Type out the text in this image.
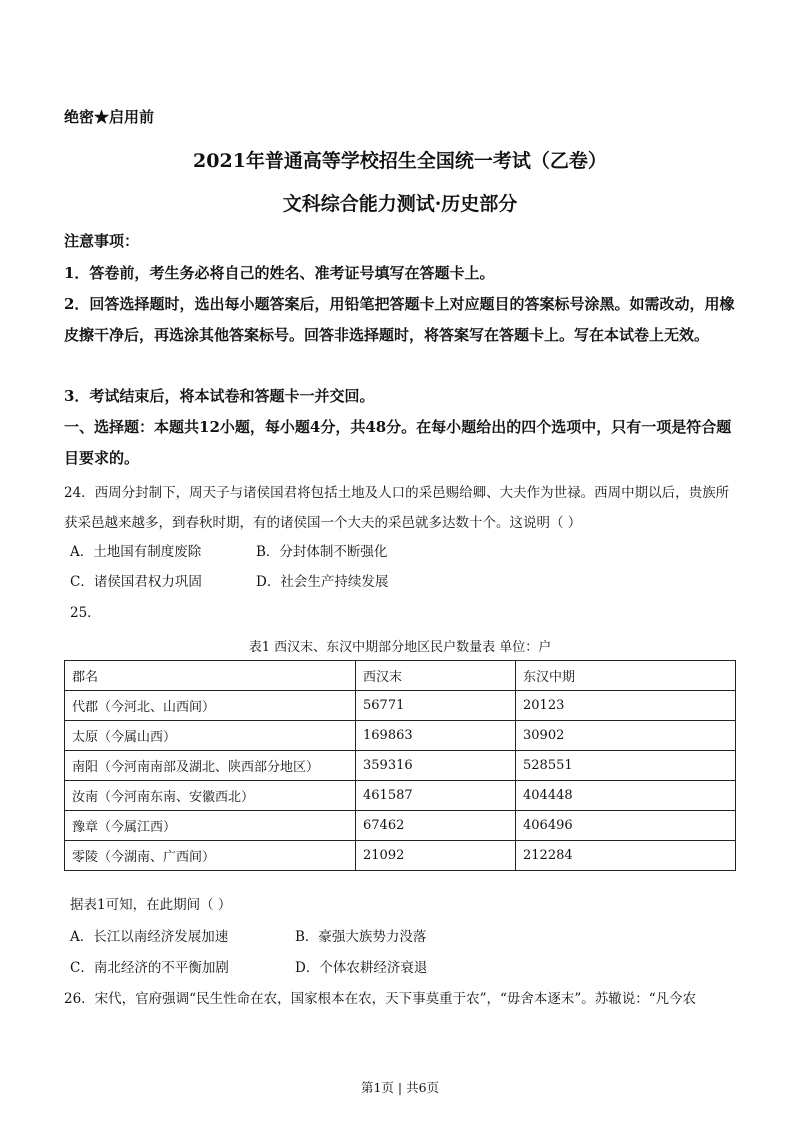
绝密★启用前
2021年普通高等学校招生全国统一考试（乙卷）
文科综合能力测试·历史部分
注意事项：
1．答卷前，考生务必将自己的姓名、准考证号填写在答题卡上。
2．回答选择题时，选出每小题答案后，用铅笔把答题卡上对应题目的答案标号涂黑。如需改动，用橡皮擦干净后，再选涂其他答案标号。回答非选择题时，将答案写在答题卡上。写在本试卷上无效。
3．考试结束后，将本试卷和答题卡一并交回。
一、选择题：本题共12小题，每小题4分，共48分。在每小题给出的四个选项中，只有一项是符合题目要求的。
24．西周分封制下，周天子与诸侯国君将包括土地及人口的采邑赐给卿、大夫作为世禄。西周中期以后，贵族所获采邑越来越多，到春秋时期，有的诸侯国一个大夫的采邑就多达数十个。这说明（ ）
A．土地国有制度废除	B．分封体制不断强化
C．诸侯国君权力巩固	D．社会生产持续发展
25．
表1 西汉末、东汉中期部分地区民户数量表 单位：户
郡名	西汉末	东汉中期
代郡（今河北、山西间）	56771	20123
太原（今属山西）	169863	30902
南阳（今河南南部及湖北、陕西部分地区）	359316	528551
汝南（今河南东南、安徽西北）	461587	404448
豫章（今属江西）	67462	406496
零陵（今湖南、广西间）	21092	212284
据表1可知，在此期间（ ）
A．长江以南经济发展加速	B．豪强大族势力没落
C．南北经济的不平衡加剧	D．个体农耕经济衰退
26．宋代，官府强调“民生性命在农，国家根本在农，天下事莫重于农”，“毋舍本逐末”。苏辙说：“凡今农
第1页 | 共6页
